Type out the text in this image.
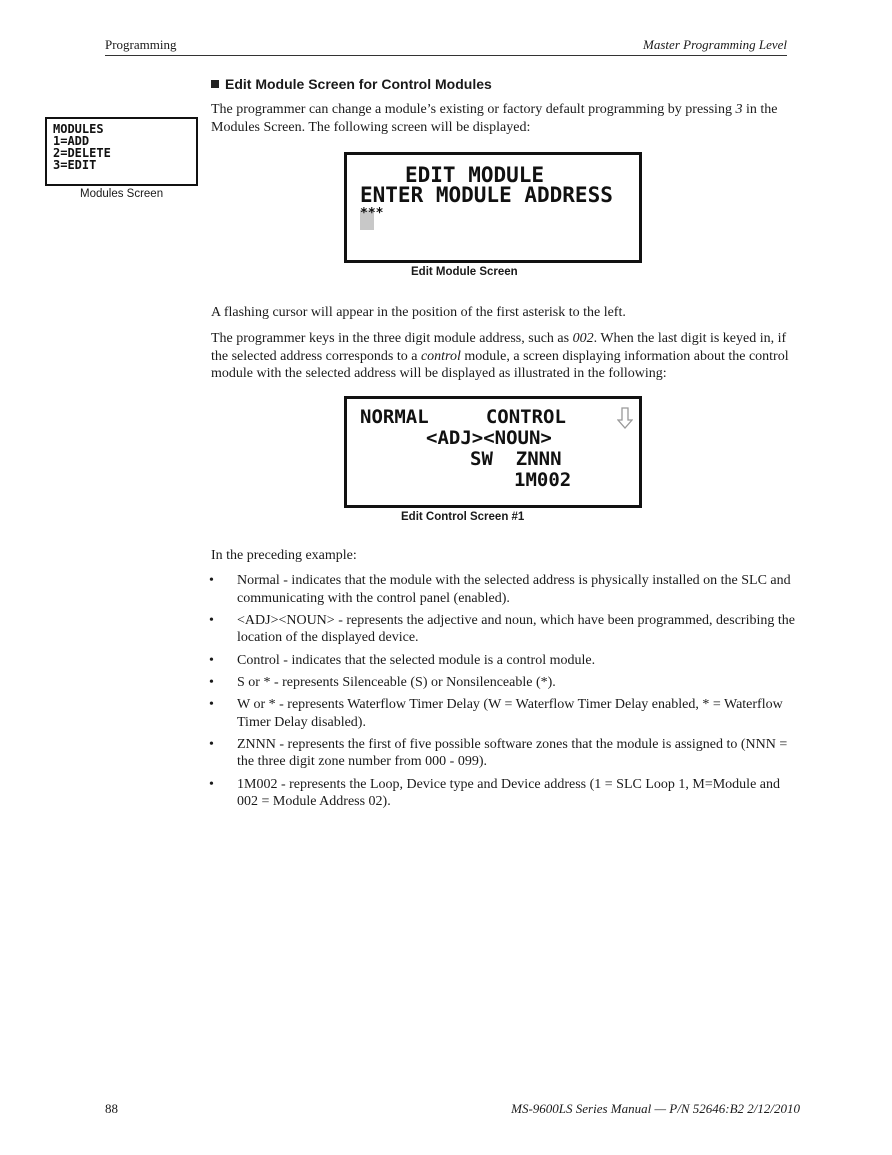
Programming	Master Programming Level
Edit Module Screen for Control Modules
The programmer can change a module’s existing or factory default programming by pressing 3 in the Modules Screen. The following screen will be displayed:
MODULES
1=ADD
2=DELETE
3=EDIT
Modules Screen
EDIT MODULE
ENTER MODULE ADDRESS
***
Edit Module Screen
A flashing cursor will appear in the position of the first asterisk to the left.
The programmer keys in the three digit module address, such as 002. When the last digit is keyed in, if the selected address corresponds to a control module, a screen displaying information about the control module with the selected address will be displayed as illustrated in the following:
NORMAL     CONTROL
<ADJ><NOUN>
SW  ZNNN
1M002
Edit Control Screen #1
In the preceding example:
• Normal - indicates that the module with the selected address is physically installed on the SLC and communicating with the control panel (enabled).
• <ADJ><NOUN> - represents the adjective and noun, which have been programmed, describing the location of the displayed device.
• Control - indicates that the selected module is a control module.
• S or * - represents Silenceable (S) or Nonsilenceable (*).
• W or * - represents Waterflow Timer Delay (W = Waterflow Timer Delay enabled, * = Waterflow Timer Delay disabled).
• ZNNN - represents the first of five possible software zones that the module is assigned to (NNN = the three digit zone number from 000 - 099).
• 1M002 - represents the Loop, Device type and Device address (1 = SLC Loop 1, M=Module and 002 = Module Address 02).
88	MS-9600LS Series Manual — P/N 52646:B2 2/12/2010
